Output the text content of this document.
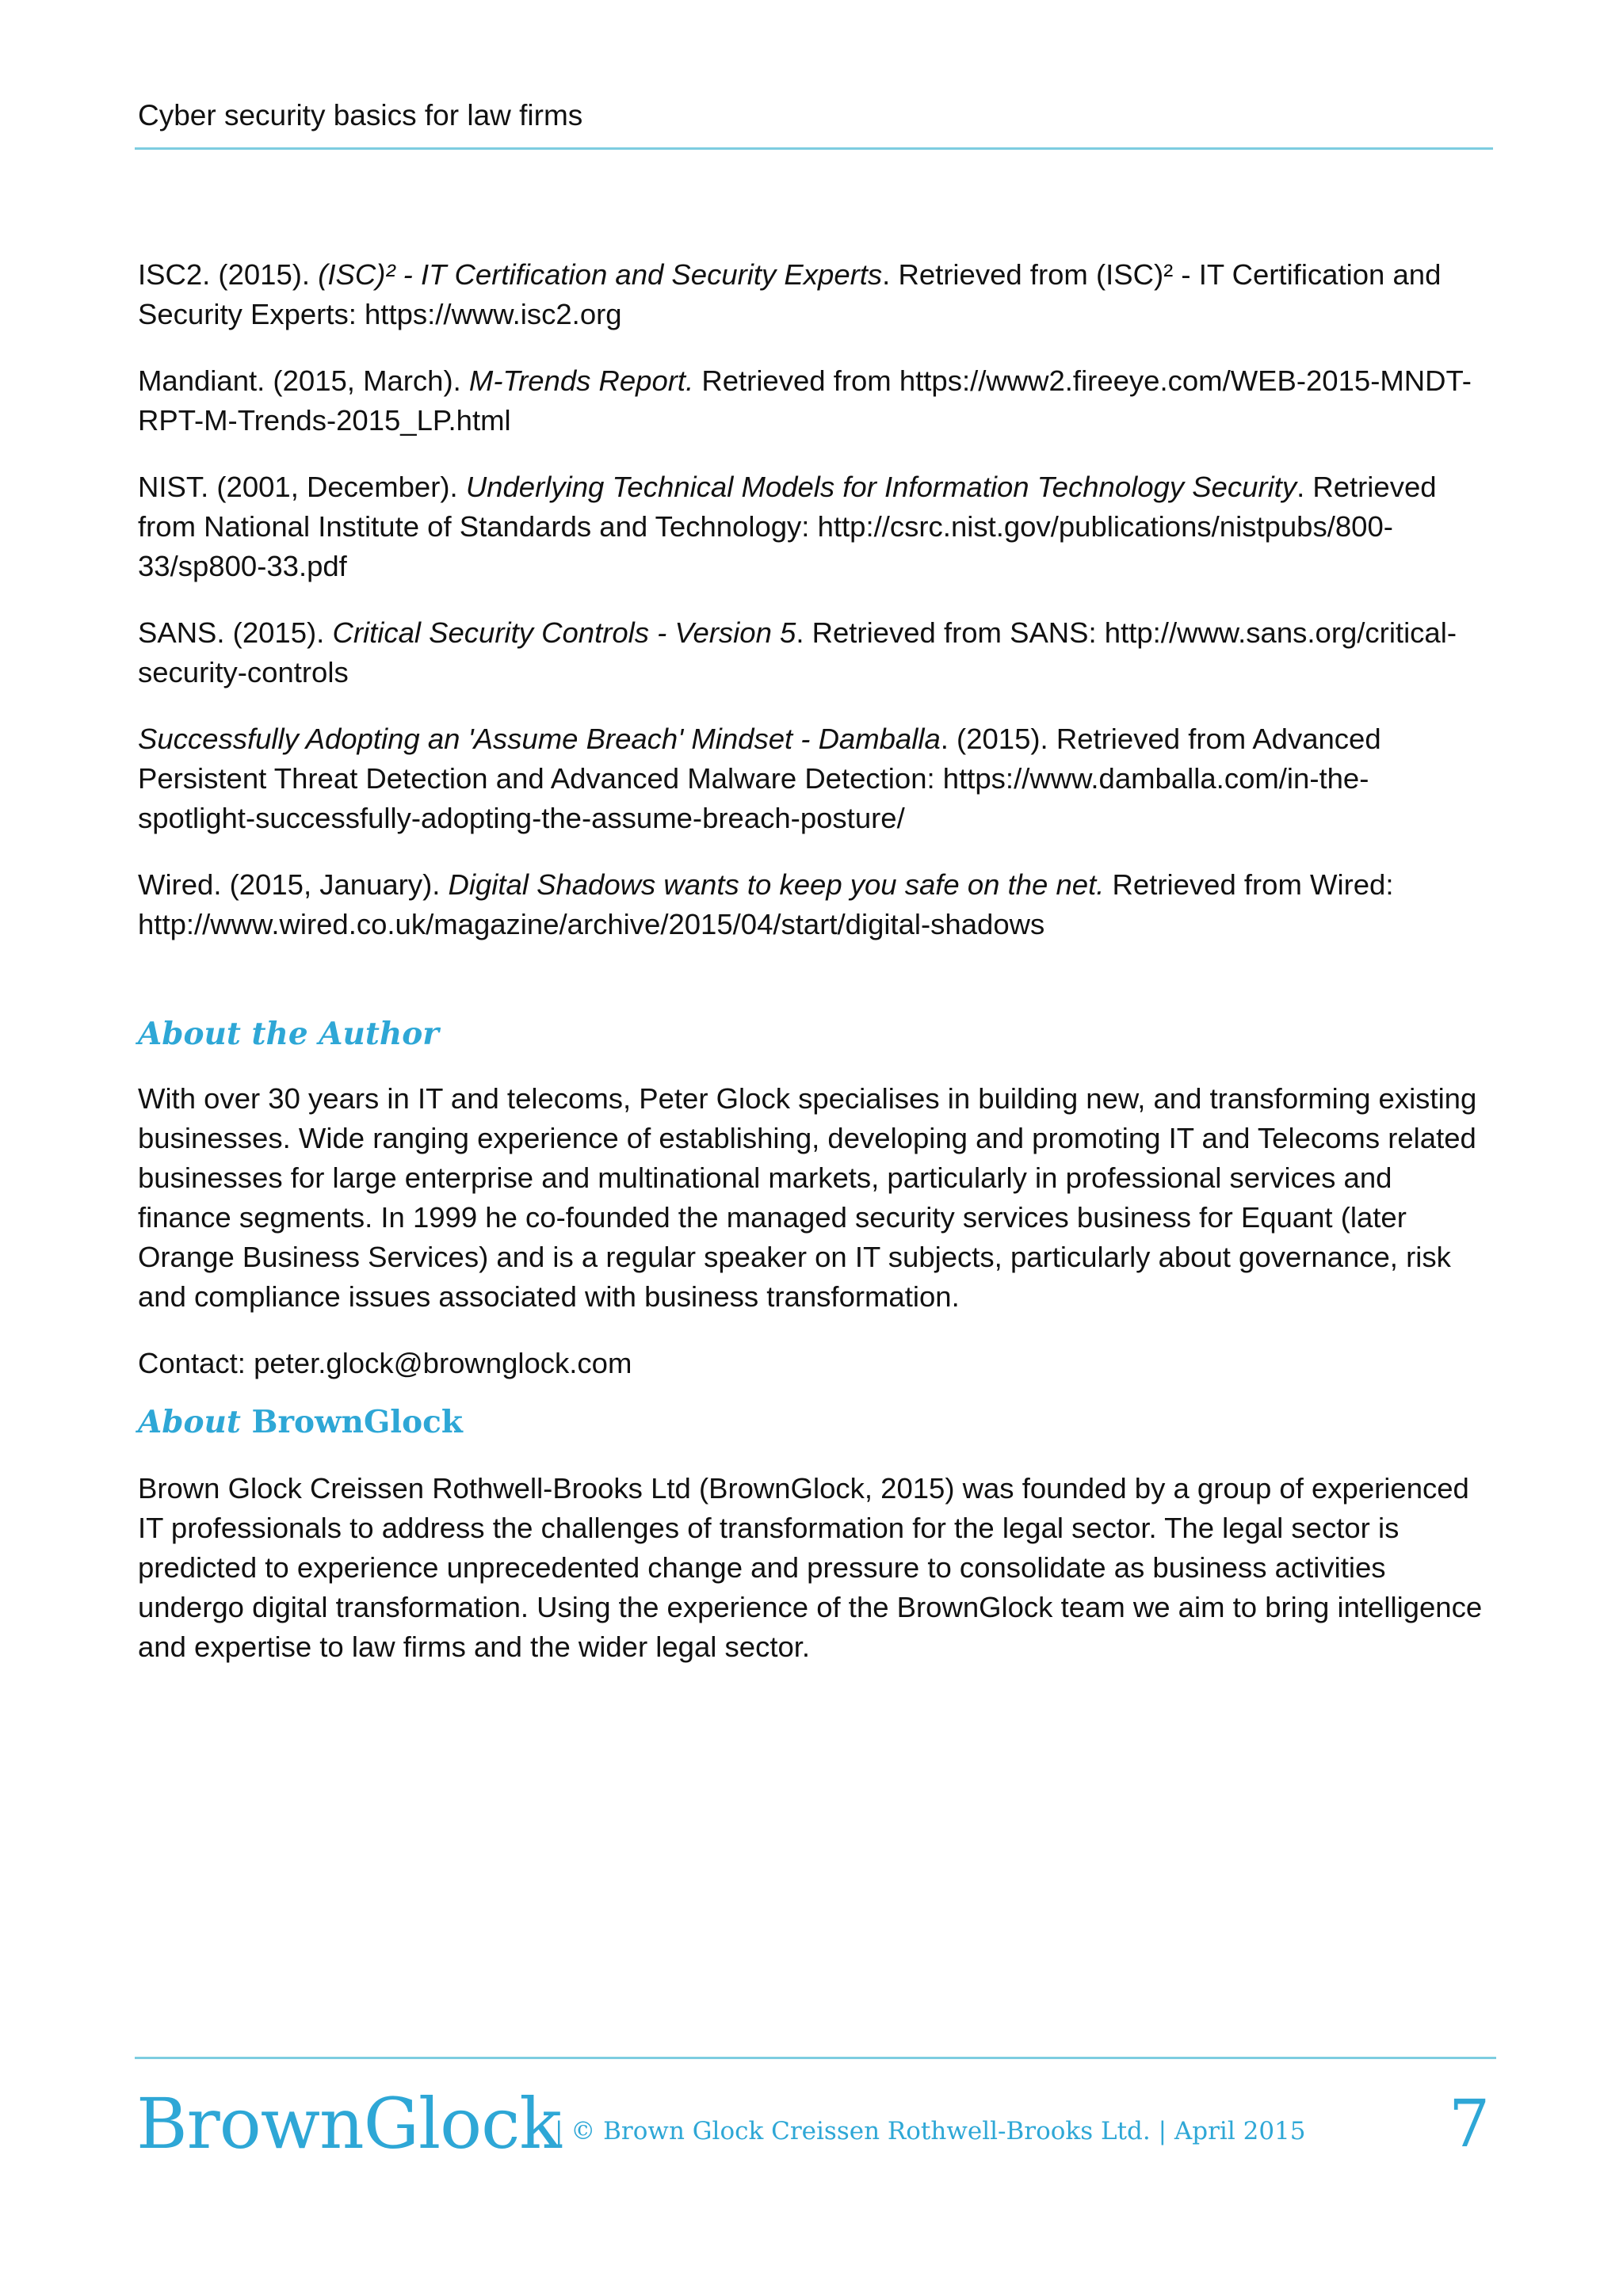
Cyber security basics for law firms

ISC2. (2015). (ISC)² - IT Certification and Security Experts. Retrieved from (ISC)² - IT Certification and Security Experts: https://www.isc2.org

Mandiant. (2015, March). M-Trends Report. Retrieved from https://www2.fireeye.com/WEB-2015-MNDT-RPT-M-Trends-2015_LP.html

NIST. (2001, December). Underlying Technical Models for Information Technology Security. Retrieved from National Institute of Standards and Technology: http://csrc.nist.gov/publications/nistpubs/800-33/sp800-33.pdf

SANS. (2015). Critical Security Controls - Version 5. Retrieved from SANS: http://www.sans.org/critical-security-controls

Successfully Adopting an 'Assume Breach' Mindset - Damballa. (2015). Retrieved from Advanced Persistent Threat Detection and Advanced Malware Detection: https://www.damballa.com/in-the-spotlight-successfully-adopting-the-assume-breach-posture/

Wired. (2015, January). Digital Shadows wants to keep you safe on the net. Retrieved from Wired: http://www.wired.co.uk/magazine/archive/2015/04/start/digital-shadows

About the Author

With over 30 years in IT and telecoms, Peter Glock specialises in building new, and transforming existing businesses. Wide ranging experience of establishing, developing and promoting IT and Telecoms related businesses for large enterprise and multinational markets, particularly in professional services and finance segments. In 1999 he co-founded the managed security services business for Equant (later Orange Business Services) and is a regular speaker on IT subjects, particularly about governance, risk and compliance issues associated with business transformation.

Contact: peter.glock@brownglock.com

About BrownGlock

Brown Glock Creissen Rothwell-Brooks Ltd (BrownGlock, 2015) was founded by a group of experienced IT professionals to address the challenges of transformation for the legal sector. The legal sector is predicted to experience unprecedented change and pressure to consolidate as business activities undergo digital transformation. Using the experience of the BrownGlock team we aim to bring intelligence and expertise to law firms and the wider legal sector.

BrownGlock
| © Brown Glock Creissen Rothwell-Brooks Ltd. | April 2015 7
